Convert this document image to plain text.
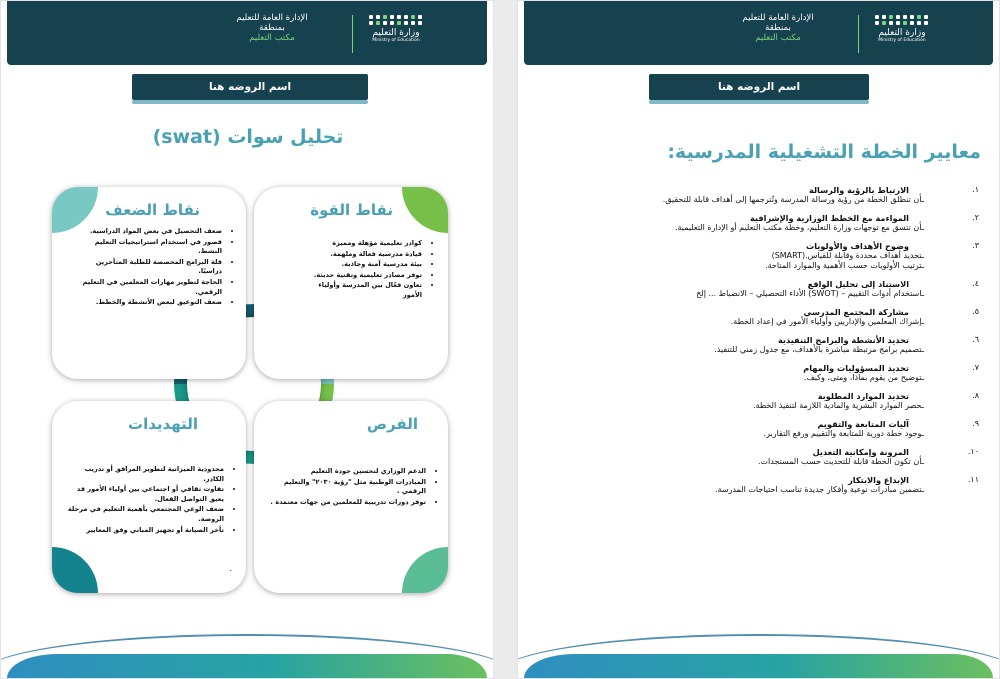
الإدارة العامة للتعليم
بمنطقة
مكتب التعليم	وزارة التعليم
Ministry of Education
اسم الروضه هنا
تحليل سوات (swat)
نقاط القوة
• كوادر تعليمية مؤهلة ومميزة
• قيادة مدرسية فعالة وملهمة.
• بيئة مدرسية آمنة وجاذبة.
• توفر مصادر تعليمية وتقنية حديثة.
• تعاون فعّال بين المدرسة وأولياء الأمور
نقاط الضعف
• ضعف التحصيل في بعض المواد الدراسية.
• قصور في استخدام استراتيجيات التعليم النشط.
• قلة البرامج المخصصة للطلبة المتأخرين دراسيًا.
• الحاجة لتطوير مهارات المعلمين في التعليم الرقمي.
• ضعف التوعيق لبعض الأنشطة والخطط.
الفرص
• الدعم الوزاري لتحسين جودة التعليم
• المبادرات الوطنية مثل "رؤية ٢٠٣٠" والتعليم الرقمي .
• توفر دورات تدريبية للمعلمين من جهات معتمدة .
التهديدات
• محدودية الميزانية لتطوير المرافق أو تدريب الكادر.
• تفاوت ثقافي أو اجتماعي بين أولياء الأمور قد يعيق التواصل الفعال.
• ضعف الوعي المجتمعي بأهمية التعليم في مرحلة الروضة.
• تأخر الصيانة أو تجهيز المباني وفق المعايير
.
الإدارة العامة للتعليم
بمنطقة
مكتب التعليم	وزارة التعليم
Ministry of Education
اسم الروضه هنا
معايير الخطة التشغيلية المدرسية:
١.
الارتباط بالرؤية والرسالة
ـأن تنطلق الخطة من رؤية ورسالة المدرسة وتُترجمها إلى أهداف قابلة للتحقيق.
٢.
المواءمة مع الخطط الوزارية والإشرافية
ـأن تتسق مع توجهات وزارة التعليم، وخطة مكتب التعليم أو الإدارة التعليمية.
٣.
وضوح الأهداف والأولويات
ـتحديد أهداف محددة وقابلة للقياس.(SMART)
ـترتيب الأولويات حسب الأهمية والموارد المتاحة.
٤.
الاستناد إلى تحليل الواقع
ـاستخدام أدوات التقييم – (SWOT) الأداء التحصيلي – الانضباط ... إلخ
٥.
مشاركة المجتمع المدرسي
ـإشراك المعلمين والإداريين وأولياء الأمور في إعداد الخطة.
٦.
تحديد الأنشطة والبرامج التنفيذية
ـتصميم برامج مرتبطة مباشرة بالأهداف، مع جدول زمني للتنفيذ.
٧.
تحديد المسؤوليات والمهام
ـتوضيح من يقوم بماذا، ومتى، وكيف.
٨.
تحديد الموارد المطلوبة
ـحصر الموارد البشرية والمادية اللازمة لتنفيذ الخطة.
٩.
آليات المتابعة والتقويم
ـوجود خطة دورية للمتابعة والتقييم ورفع التقارير.
١٠.
المرونة وإمكانية التعديل
ـأن تكون الخطة قابلة للتحديث حسب المستجدات.
١١.
الإبداع والابتكار
ـتضمين مبادرات نوعية وأفكار جديدة تناسب احتياجات المدرسة.
